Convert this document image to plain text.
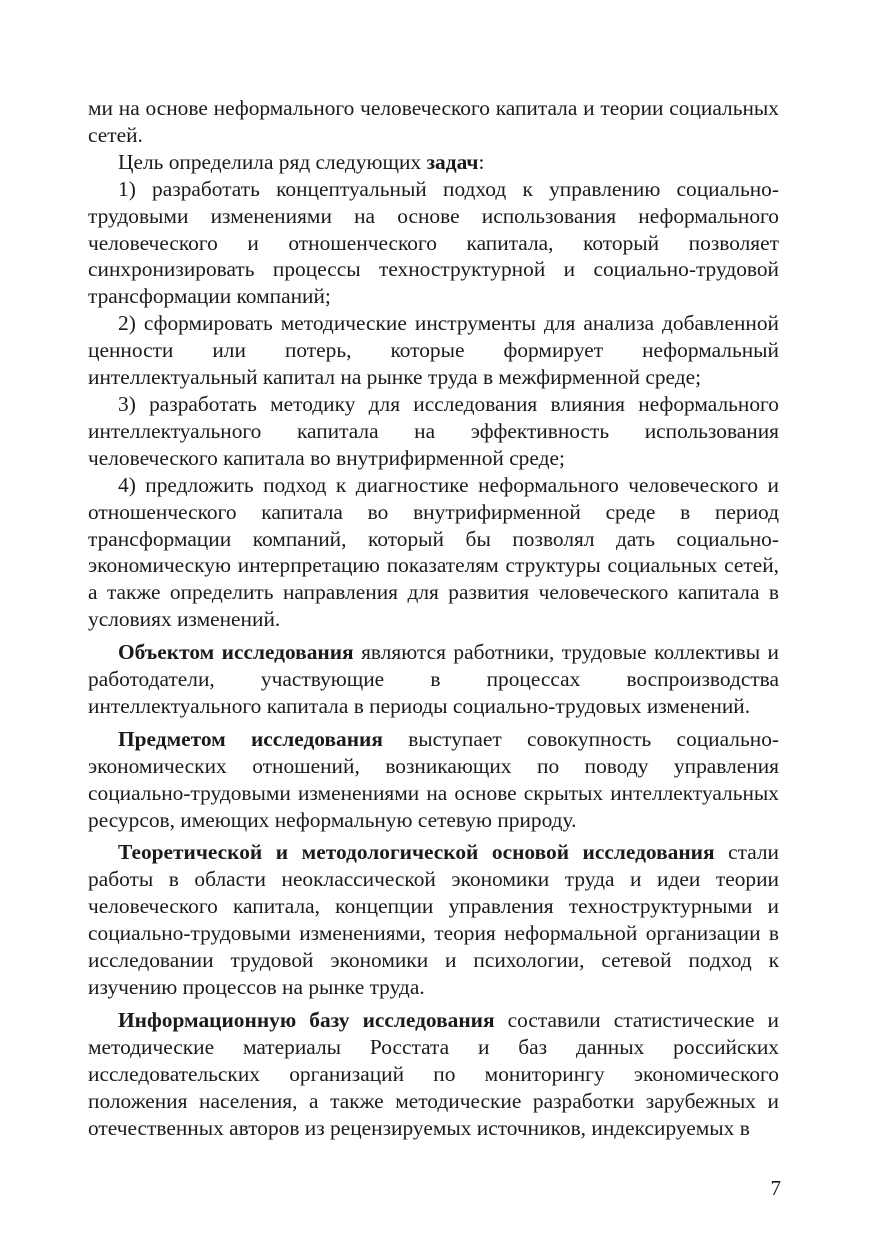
ми на основе неформального человеческого капитала и теории социальных сетей.

Цель определила ряд следующих задач:

1) разработать концептуальный подход к управлению социально-трудовыми изменениями на основе использования неформального человеческого и отношенческого капитала, который позволяет синхронизировать процессы техноструктурной и социально-трудовой трансформации компаний;

2) сформировать методические инструменты для анализа добавленной ценности или потерь, которые формирует неформальный интеллектуальный капитал на рынке труда в межфирменной среде;

3) разработать методику для исследования влияния неформального интеллектуального капитала на эффективность использования человеческого капитала во внутрифирменной среде;

4) предложить подход к диагностике неформального человеческого и отношенческого капитала во внутрифирменной среде в период трансформации компаний, который бы позволял дать социально-экономическую интерпретацию показателям структуры социальных сетей, а также определить направления для развития человеческого капитала в условиях изменений.

Объектом исследования являются работники, трудовые коллективы и работодатели, участвующие в процессах воспроизводства интеллектуального капитала в периоды социально-трудовых изменений.

Предметом исследования выступает совокупность социально-экономических отношений, возникающих по поводу управления социально-трудовыми изменениями на основе скрытых интеллектуальных ресурсов, имеющих неформальную сетевую природу.

Теоретической и методологической основой исследования стали работы в области неоклассической экономики труда и идеи теории человеческого капитала, концепции управления техноструктурными и социально-трудовыми изменениями, теория неформальной организации в исследовании трудовой экономики и психологии, сетевой подход к изучению процессов на рынке труда.

Информационную базу исследования составили статистические и методические материалы Росстата и баз данных российских исследовательских организаций по мониторингу экономического положения населения, а также методические разработки зарубежных и отечественных авторов из рецензируемых источников, индексируемых в

7
